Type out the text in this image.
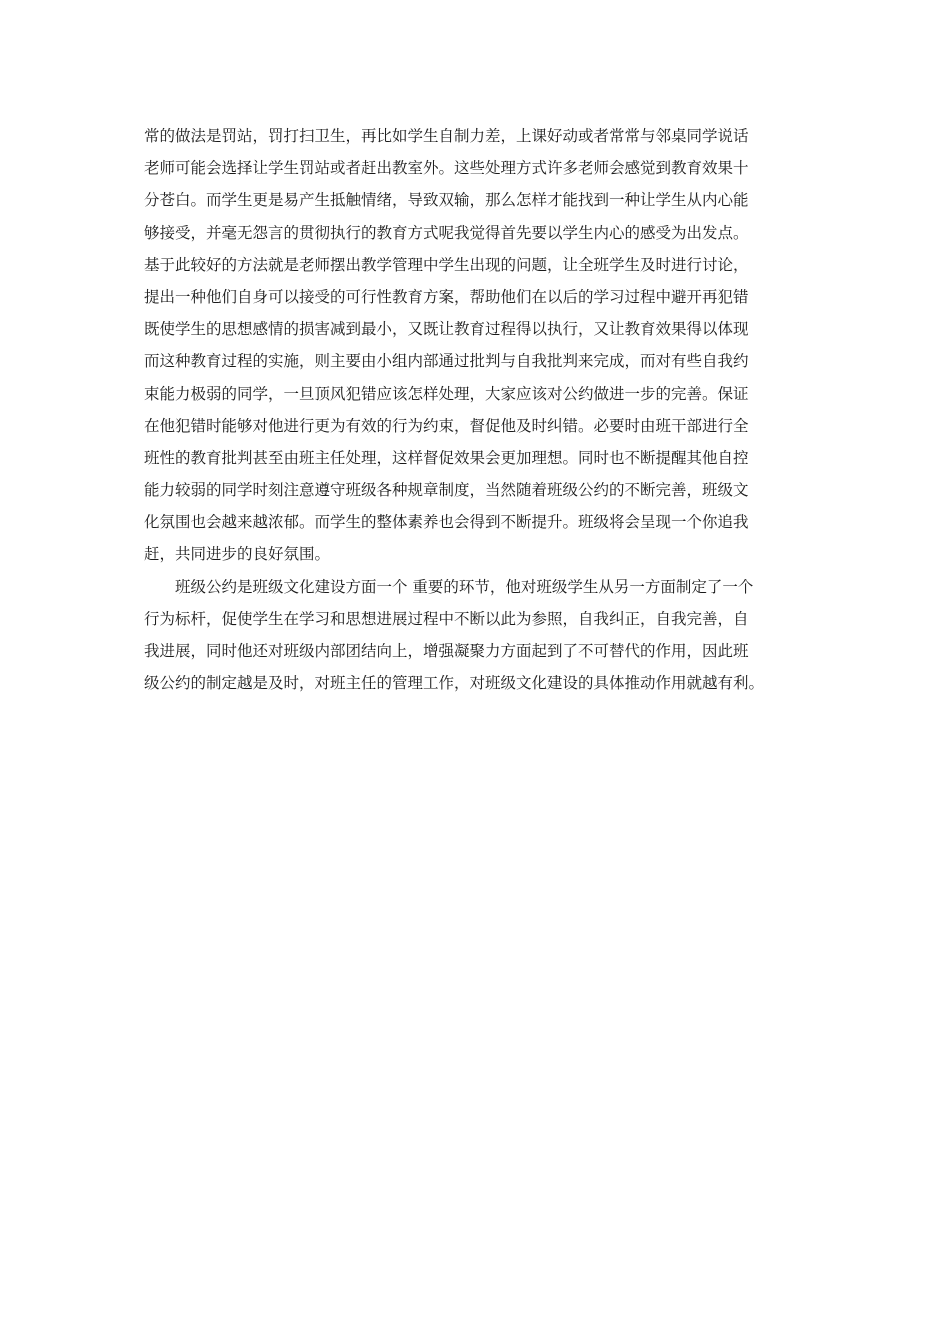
常的做法是罚站，罚打扫卫生，再比如学生自制力差，上课好动或者常常与邻桌同学说话
老师可能会选择让学生罚站或者赶出教室外。这些处理方式许多老师会感觉到教育效果十
分苍白。而学生更是易产生抵触情绪，导致双输，那么怎样才能找到一种让学生从内心能
够接受，并毫无怨言的贯彻执行的教育方式呢我觉得首先要以学生内心的感受为出发点。
基于此较好的方法就是老师摆出教学管理中学生出现的问题，让全班学生及时进行讨论，
提出一种他们自身可以接受的可行性教育方案，帮助他们在以后的学习过程中避开再犯错
既使学生的思想感情的损害减到最小，又既让教育过程得以执行，又让教育效果得以体现
而这种教育过程的实施，则主要由小组内部通过批判与自我批判来完成，而对有些自我约
束能力极弱的同学，一旦顶风犯错应该怎样处理，大家应该对公约做进一步的完善。保证
在他犯错时能够对他进行更为有效的行为约束，督促他及时纠错。必要时由班干部进行全
班性的教育批判甚至由班主任处理，这样督促效果会更加理想。同时也不断提醒其他自控
能力较弱的同学时刻注意遵守班级各种规章制度，当然随着班级公约的不断完善，班级文
化氛围也会越来越浓郁。而学生的整体素养也会得到不断提升。班级将会呈现一个你追我
赶，共同进步的良好氛围。
班级公约是班级文化建设方面一个 重要的环节，他对班级学生从另一方面制定了一个
行为标杆，促使学生在学习和思想进展过程中不断以此为参照，自我纠正，自我完善，自
我进展，同时他还对班级内部团结向上，增强凝聚力方面起到了不可替代的作用，因此班
级公约的制定越是及时，对班主任的管理工作，对班级文化建设的具体推动作用就越有利。
